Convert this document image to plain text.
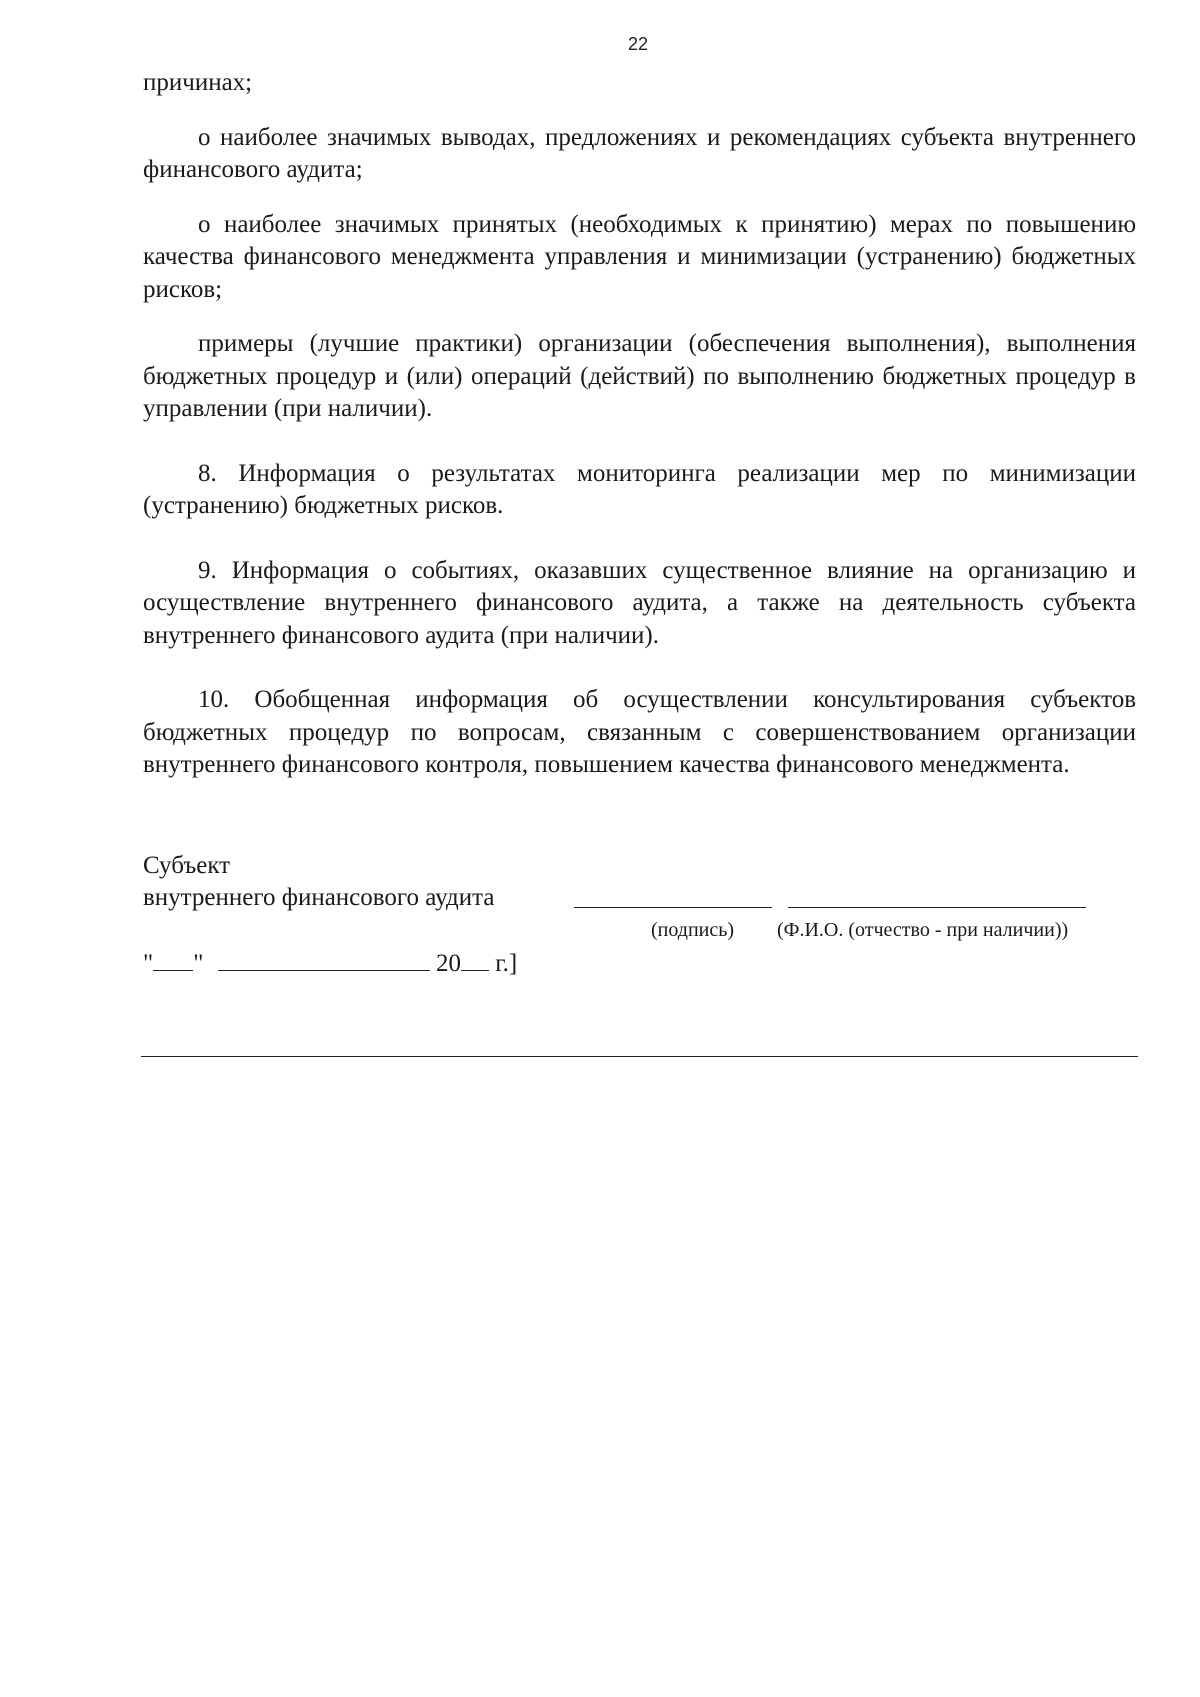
22

причинах;

о наиболее значимых выводах, предложениях и рекомендациях субъекта внутреннего финансового аудита;

о наиболее значимых принятых (необходимых к принятию) мерах по повышению качества финансового менеджмента управления и минимизации (устранению) бюджетных рисков;

примеры (лучшие практики) организации (обеспечения выполнения), выполнения бюджетных процедур и (или) операций (действий) по выполнению бюджетных процедур в управлении (при наличии).

8. Информация о результатах мониторинга реализации мер по минимизации (устранению) бюджетных рисков.

9. Информация о событиях, оказавших существенное влияние на организацию и осуществление внутреннего финансового аудита, а также на деятельность субъекта внутреннего финансового аудита (при наличии).

10. Обобщенная информация об осуществлении консультирования субъектов бюджетных процедур по вопросам, связанным с совершенствованием организации внутреннего финансового контроля, повышением качества финансового менеджмента.

Субъект
внутреннего финансового аудита
(подпись) (Ф.И.О. (отчество - при наличии))
" "	20 г.]
